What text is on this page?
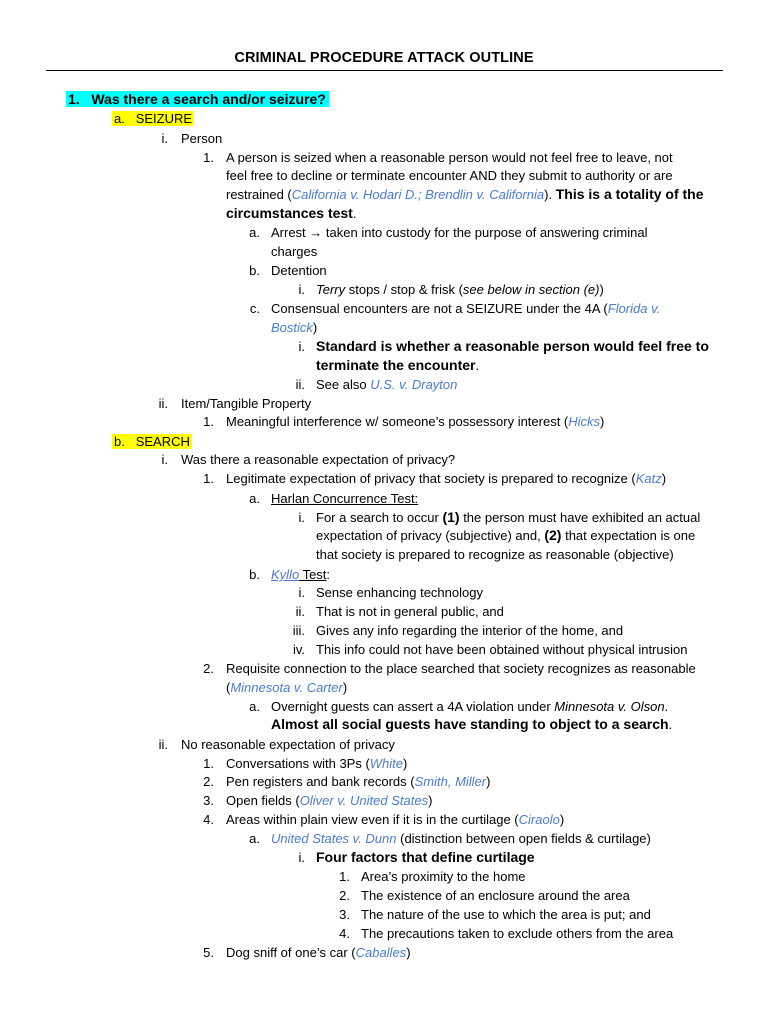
CRIMINAL PROCEDURE ATTACK OUTLINE
1. Was there a search and/or seizure?
a. SEIZURE
i. Person
1. A person is seized when a reasonable person would not feel free to leave, not
feel free to decline or terminate encounter AND they submit to authority or are
restrained (California v. Hodari D.; Brendlin v. California). This is a totality of the
circumstances test.
a. Arrest → taken into custody for the purpose of answering criminal
charges
b. Detention
i. Terry stops / stop & frisk (see below in section (e))
c. Consensual encounters are not a SEIZURE under the 4A (Florida v.
Bostick)
i. Standard is whether a reasonable person would feel free to
terminate the encounter.
ii. See also U.S. v. Drayton
ii. Item/Tangible Property
1. Meaningful interference w/ someone’s possessory interest (Hicks)
b. SEARCH
i. Was there a reasonable expectation of privacy?
1. Legitimate expectation of privacy that society is prepared to recognize (Katz)
a. Harlan Concurrence Test:
i. For a search to occur (1) the person must have exhibited an actual
expectation of privacy (subjective) and, (2) that expectation is one
that society is prepared to recognize as reasonable (objective)
b. Kyllo Test:
i. Sense enhancing technology
ii. That is not in general public, and
iii. Gives any info regarding the interior of the home, and
iv. This info could not have been obtained without physical intrusion
2. Requisite connection to the place searched that society recognizes as reasonable
(Minnesota v. Carter)
a. Overnight guests can assert a 4A violation under Minnesota v. Olson.
Almost all social guests have standing to object to a search.
ii. No reasonable expectation of privacy
1. Conversations with 3Ps (White)
2. Pen registers and bank records (Smith, Miller)
3. Open fields (Oliver v. United States)
4. Areas within plain view even if it is in the curtilage (Ciraolo)
a. United States v. Dunn (distinction between open fields & curtilage)
i. Four factors that define curtilage
1. Area’s proximity to the home
2. The existence of an enclosure around the area
3. The nature of the use to which the area is put; and
4. The precautions taken to exclude others from the area
5. Dog sniff of one’s car (Caballes)
